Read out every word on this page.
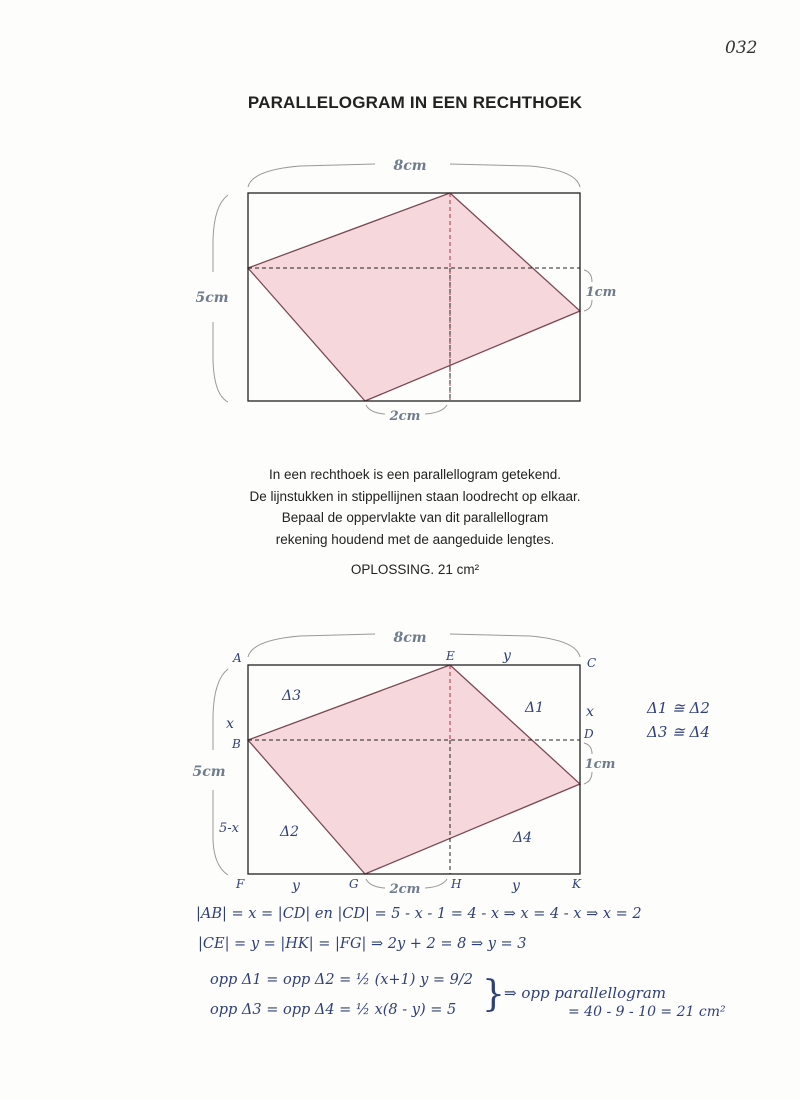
032
PARALLELOGRAM IN EEN RECHTHOEK
8cm
5cm	1cm
2cm
In een rechthoek is een parallellogram getekend.
De lijnstukken in stippellijnen staan loodrecht op elkaar.
Bepaal de oppervlakte van dit parallellogram
rekening houdend met de aangeduide lengtes.
OPLOSSING. 21 cm²
8cm
5cm	1cm
2cm
A	E	C
B
D
F	G	H	K
x
x
5-x
y
y	y
Δ1
Δ2
Δ3
Δ4
Δ1 ≅ Δ2
Δ3 ≅ Δ4
|AB| = x = |CD| en |CD| = 5 - x - 1 = 4 - x ⇒ x = 4 - x ⇒ x = 2
|CE| = y = |HK| = |FG| ⇒ 2y + 2 = 8 ⇒ y = 3
opp Δ1 = opp Δ2 = ½ (x+1) y = 9/2
opp Δ3 = opp Δ4 = ½ x(8 - y) = 5 } ⇒ opp parallellogram
= 40 - 9 - 10 = 21 cm²
